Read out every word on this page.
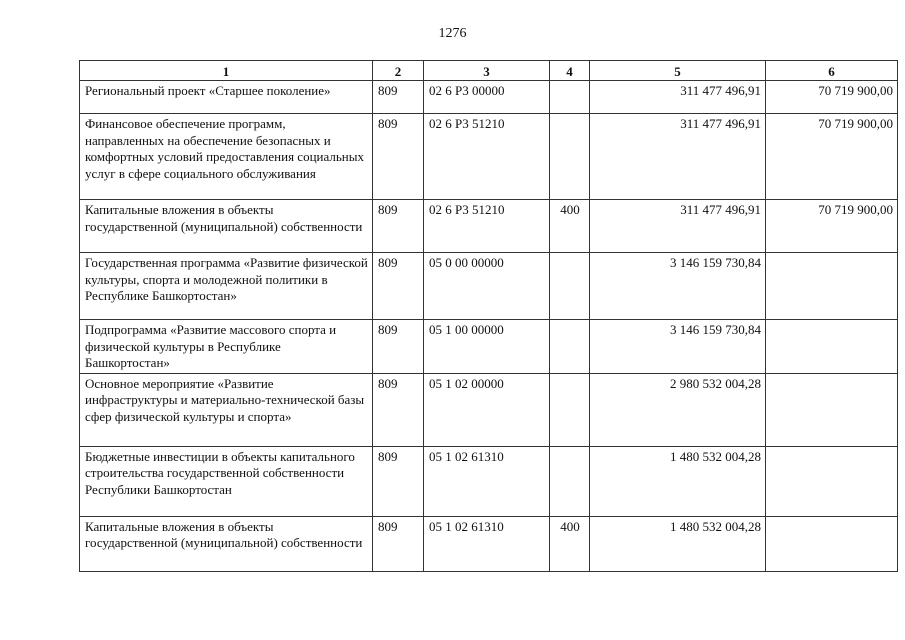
1276
1	2	3	4	5	6
Региональный проект «Старшее поколение»	809	02 6 Р3 00000		311 477 496,91	70 719 900,00
Финансовое обеспечение программ, направленных на обеспечение безопасных и комфортных условий предоставления социальных услуг в сфере социального обслуживания	809	02 6 Р3 51210		311 477 496,91	70 719 900,00
Капитальные вложения в объекты государственной (муниципальной) собственности	809	02 6 Р3 51210	400	311 477 496,91	70 719 900,00
Государственная программа «Развитие физической культуры, спорта и молодежной политики в Республике Башкортостан»	809	05 0 00 00000		3 146 159 730,84	
Подпрограмма «Развитие массового спорта и физической культуры в Республике Башкортостан»	809	05 1 00 00000		3 146 159 730,84	
Основное мероприятие «Развитие инфраструктуры и материально-технической базы сфер физической культуры и спорта»	809	05 1 02 00000		2 980 532 004,28	
Бюджетные инвестиции в объекты капитального строительства государственной собственности Республики Башкортостан	809	05 1 02 61310		1 480 532 004,28	
Капитальные вложения в объекты государственной (муниципальной) собственности	809	05 1 02 61310	400	1 480 532 004,28	
